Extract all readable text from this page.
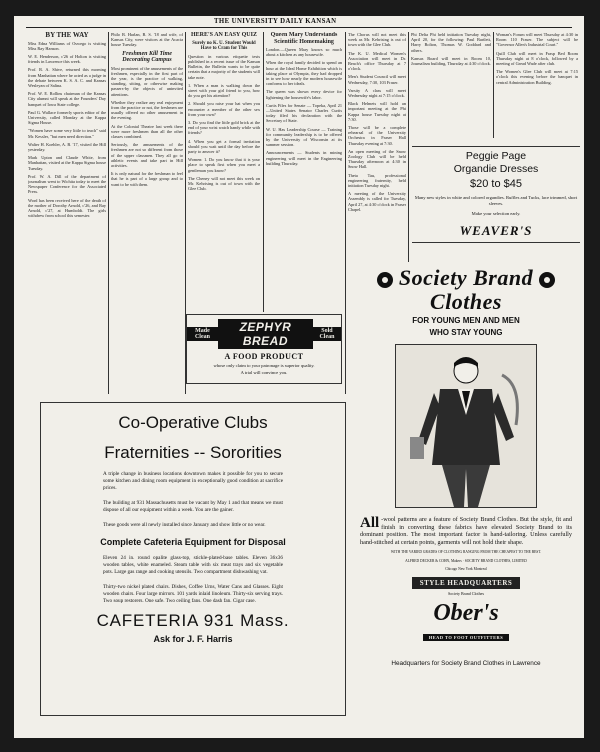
THE UNIVERSITY DAILY KANSAN
BY THE WAY

Miss Edna Williams of Oswego is visiting Miss Ray Hanson.

W. E. Henderson, c'26 of Holton is visiting friends in Lawrence this week.

Prof. R. A. Shive, returned this morning from Manhattan where he acted as a judge in the debate between K. S. A. C. and Kansas Wesleyan of Salina.

Prof. W. E. Rollins chairman of the Kansas City alumni will speak at the Founders' Day banquet of Iowa State college.

Paul G. Wallace formerly sports editor of the University, called Monday at the Kappa Sigma House.

"Women have some very little to teach" said Mr. Kessler, "but men need direction."

Walter H. Koehler, A. B. '17, visited the Hill yesterday.

Mark Upton and Claude White, from Manhattan, visited at the Kappa Sigma house Tuesday.

Prof. W. A. Dill of the department of journalism went to Wichita today to meet the Newspaper Conference for the Associated Press.

Word has been received here of the death of the mother of Dorothy Arnold, c'26, and Ray Arnold, c'27, at Humboldt. The girls withdrew from school this semester.

Philo B. Harlan, B. S. '18 and wife, of Kansas City, were visitors at the Acacia house Tuesday.

Freshmen Kill Time Decorating Campus

Most prominent of the amusements of the freshmen, especially in the first part of the year, is the practice of walking, standing, sitting, or otherwise making passers-by the objects of uninvited attentions.

Whether they realize any real enjoyment from the practice or not, the freshmen are usually offered no other amusement in the evening.

At the Colonial Theatre last week there were more freshmen than all the other classes combined.

Seriously, the amusements of the freshmen are not so different from those of the upper classmen. They all go to athletic events and take part in Hill activities.

It is only natural for the freshman to feel that he is part of a large group and to want to be with them.

HERE'S AN EASY QUIZ
Surely no K. U. Student Would Have to Cram for This

Question in various etiquette tests published in a recent issue of the Kansan Bulletin, the Bulletin wants to be quite certain that a majority of the students will take note.

1. When a man is walking down the street with your girl friend to you, how do you get his attention?

2. Should you raise your hat when you encounter a member of the other sex from your own?

3. Do you find the little gold brick at the end of your wrist watch handy while with friends?

4. When you get a formal invitation should you wait until the day before the party to answer it?

Women: 1. Do you know that it is your place to speak first when you meet a gentleman you know?

The Cheney will not meet this week on Mr. Kehrising is out of town with the Glee Club.

Queen Mary Understands Scientific Homemaking

London.—Queen Mary knows so much about a kitchen as any housewife.

When the royal family decided to spend an hour at the Ideal Home Exhibition which is taking place at Olympia, they had dropped in to see how nearly the modern housewife conforms to her ideals.

The queen was shown every device for lightening the housewife's labor.

Curtis Files for Senate — Topeka, April 21—United States Senator Charles Curtis today filed his declaration with the Secretary of State.

W. U. Has Leadership Course — Training for community leadership is to be offered by the University of Wisconsin at its summer session.

Announcements — Students in mining engineering will meet in the Engineering building Thursday.

Made Clean
ZEPHYR BREAD
Sold Clean
A FOOD PRODUCT
whose only claim to your patronage is superior quality.
A trial will convince you.

The Chorus will not meet this week as Mr. Kehrising is out of town with the Glee Club.

The K. U. Medical Women's Association will meet in Dr. Beach's office Thursday at 7 o'clock.

Men's Student Council will meet Wednesday, 7:30, 103 Fraser.

Varsity A class will meet Wednesday night at 7:15 o'clock.

Black Helmets will hold an important meeting at the Phi Kappa house Tuesday night at 7:30.

Those will be a complete rehearsal of the University Orchestra in Fraser Hall Thursday evening at 7:30.

An open meeting of the Snow Zoology Club will be held Thursday afternoon at 4:30 in Snow Hall.

Theta Tau, professional engineering fraternity, held initiation Tuesday night.

A meeting of the University Assembly is called for Tuesday, April 27, at 4:30 o'clock in Fraser Chapel.

Phi Delta Phi held initiation Tuesday night, April 20, for the following: Paul Bartlett, Harry Bolton, Thomas W. Goddard and others.

Kansas Board will meet in Room 10, Journalism building, Thursday at 4:30 o'clock.

Woman's Forum will meet Thursday at 4:30 in Room 110 Fraser. The subject will be "Governor Allen's Industrial Court."

Quill Club will meet in Frasp Bed Room Thursday night at 8 o'clock, followed by a meeting of Gread Wade after club.

The Women's Glee Club will meet at 7:15 o'clock this evening before the banquet in central Administration Building.

Peggie Page
Organdie Dresses
$20 to $45
Many new styles in white and colored organdies. Ruffles and Tucks, lace trimmed, short sleeves.
Make your selection early.
WEAVER'S
Society Brand
Clothes
FOR YOUNG MEN AND MEN
WHO STAY YOUNG
All -wool patterns are a feature of Society Brand Clothes. But the style, fit and finish in converting these fabrics have elevated Society Brand to its dominant position. The most important factor is hand-tailoring. Unless carefully hand-stitched at certain points, garments will not hold their shape.
WITH THE VARIED GRADES OF CLOTHING RANGING FROM THE CHEAPEST TO THE BEST.
ALFRED DECKER & COHN, Makers · SOCIETY BRAND CLOTHES, LIMITED
Chicago New York Montreal
STYLE HEADQUARTERS
Society Brand Clothes
Ober's
HEAD TO FOOT OUTFITTERS
Headquarters for Society Brand Clothes in Lawrence
Co-Operative Clubs
Fraternities -- Sororities
A triple change in business locations downtown makes it possible for you to secure some kitchen and dining room equipment in exceptionally good condition at sacrifice prices.
The building at 931 Massachusetts must be vacant by May 1 and that means we must dispose of all our equipment within a week. You are the gainer.
These goods were all newly installed since January and show little or no wear.
Complete Cafeteria Equipment for Disposal
Eleven 24 in. round opalite glass-top, stickle-plated-base tables. Eleven 36x36 wooden tables, white enameled. Steam table with six meat trays and six vegetable pots. Large gas range and cooking utensils. Two compartment dishwashing vat.
Thirty-two nickel plated chairs. Dishes, Coffee Urns, Water Cans and Glasses. Eight wooden chairs. Four large mirrors. 101 yards inlaid linoleum. Thirty-six serving trays. Two soup restorers. One safe. Two ceiling fans. One dash fan. Cigar case.
CAFETERIA 931 Mass.
Ask for J. F. Harris
